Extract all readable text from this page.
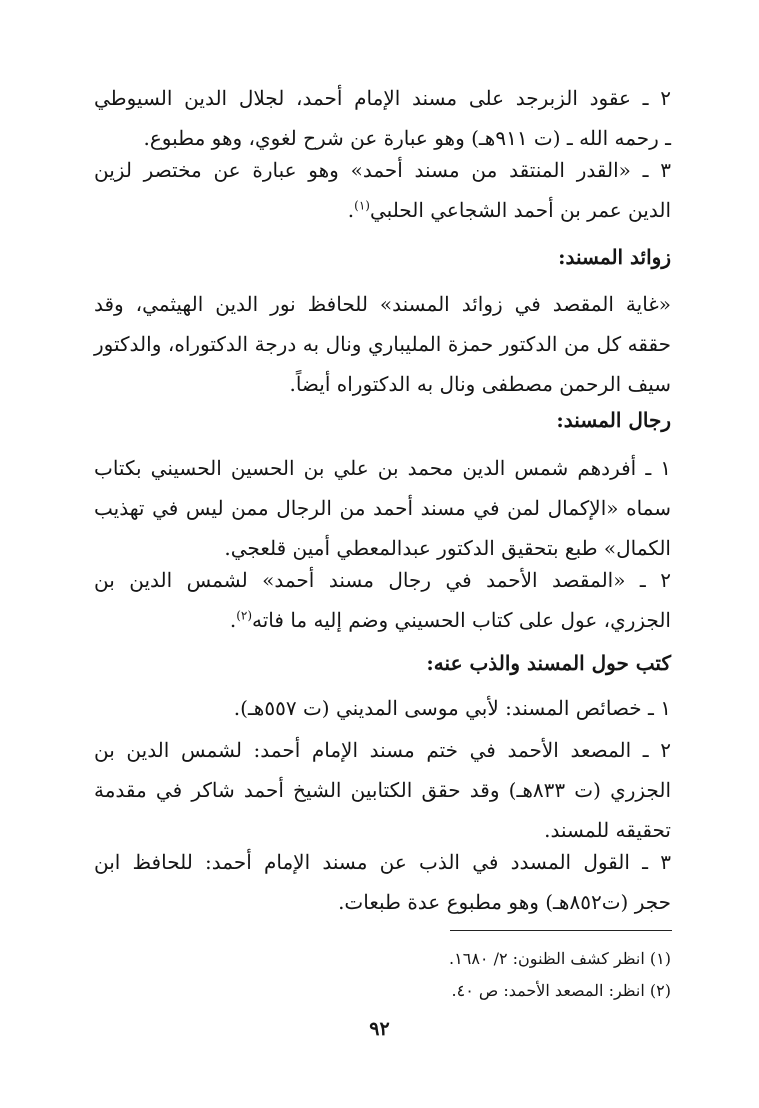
٢ ـ عقود الزبرجد على مسند الإمام أحمد، لجلال الدين السيوطي
ـ رحمه الله ـ (ت ٩١١هـ) وهو عبارة عن شرح لغوي، وهو مطبوع.
٣ ـ «القدر المنتقد من مسند أحمد» وهو عبارة عن مختصر لزين
الدين عمر بن أحمد الشجاعي الحلبي$^{(١)}$.
زوائد المسند:
«غاية المقصد في زوائد المسند» للحافظ نور الدين الهيثمي، وقد
حققه كل من الدكتور حمزة المليباري ونال به درجة الدكتوراه، والدكتور
سيف الرحمن مصطفى ونال به الدكتوراه أيضاً.
رجال المسند:
١ ـ أفردهم شمس الدين محمد بن علي بن الحسين الحسيني بكتاب
سماه «الإكمال لمن في مسند أحمد من الرجال ممن ليس في تهذيب
الكمال» طبع بتحقيق الدكتور عبدالمعطي أمين قلعجي.
٢ ـ «المقصد الأحمد في رجال مسند أحمد» لشمس الدين بن
الجزري، عول على كتاب الحسيني وضم إليه ما فاته$^{(٢)}$.
كتب حول المسند والذب عنه:
١ ـ خصائص المسند: لأبي موسى المديني (ت ٥٥٧هـ).
٢ ـ المصعد الأحمد في ختم مسند الإمام أحمد: لشمس الدين بن
الجزري (ت ٨٣٣هـ) وقد حقق الكتابين الشيخ أحمد شاكر في مقدمة
تحقيقه للمسند.
٣ ـ القول المسدد في الذب عن مسند الإمام أحمد: للحافظ ابن
حجر (ت٨٥٢هـ) وهو مطبوع عدة طبعات.
(١) انظر كشف الظنون: ٢/ ١٦٨٠.
(٢) انظر: المصعد الأحمد: ص ٤٠.
٩٢
